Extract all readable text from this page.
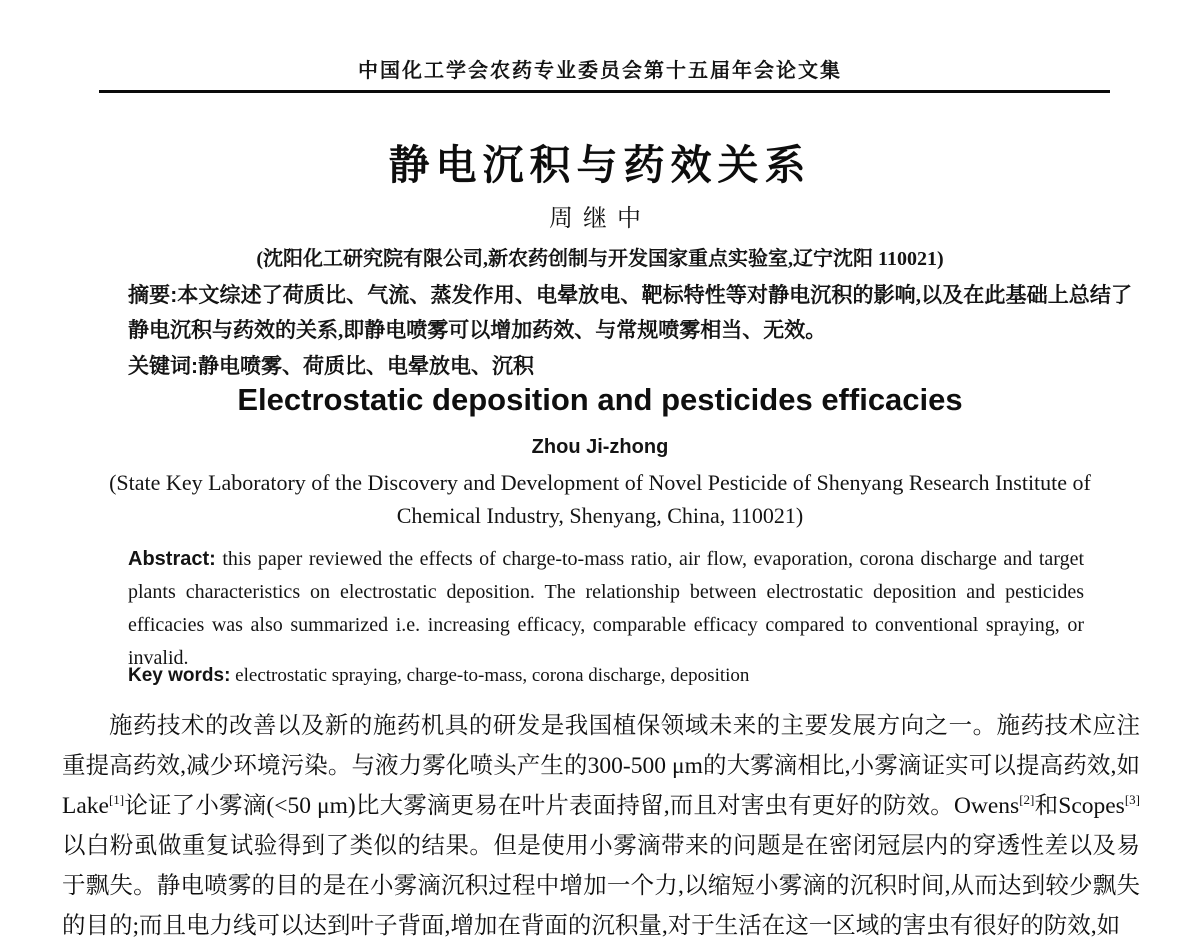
中国化工学会农药专业委员会第十五届年会论文集
静电沉积与药效关系
周继中
(沈阳化工研究院有限公司,新农药创制与开发国家重点实验室,辽宁沈阳 110021)
摘要:本文综述了荷质比、气流、蒸发作用、电晕放电、靶标特性等对静电沉积的影响,以及在此基础上总结了静电沉积与药效的关系,即静电喷雾可以增加药效、与常规喷雾相当、无效。
关键词:静电喷雾、荷质比、电晕放电、沉积
Electrostatic deposition and pesticides efficacies
Zhou Ji-zhong
(State Key Laboratory of the Discovery and Development of Novel Pesticide of Shenyang Research Institute of Chemical Industry, Shenyang, China, 110021)
Abstract: this paper reviewed the effects of charge-to-mass ratio, air flow, evaporation, corona discharge and target plants characteristics on electrostatic deposition. The relationship between electrostatic deposition and pesticides efficacies was also summarized i.e. increasing efficacy, comparable efficacy compared to conventional spraying, or invalid.
Key words: electrostatic spraying, charge-to-mass, corona discharge, deposition

施药技术的改善以及新的施药机具的研发是我国植保领域未来的主要发展方向之一。施药技术应注重提高药效,减少环境污染。与液力雾化喷头产生的300-500 μm的大雾滴相比,小雾滴证实可以提高药效,如Lake[1]论证了小雾滴(<50 μm)比大雾滴更易在叶片表面持留,而且对害虫有更好的防效。Owens[2]和Scopes[3]以白粉虱做重复试验得到了类似的结果。但是使用小雾滴带来的问题是在密闭冠层内的穿透性差以及易于飘失。静电喷雾的目的是在小雾滴沉积过程中增加一个力,以缩短小雾滴的沉积时间,从而达到较少飘失的目的;而且电力线可以达到叶子背面,增加在背面的沉积量,对于生活在这一区域的害虫有很好的防效,如
